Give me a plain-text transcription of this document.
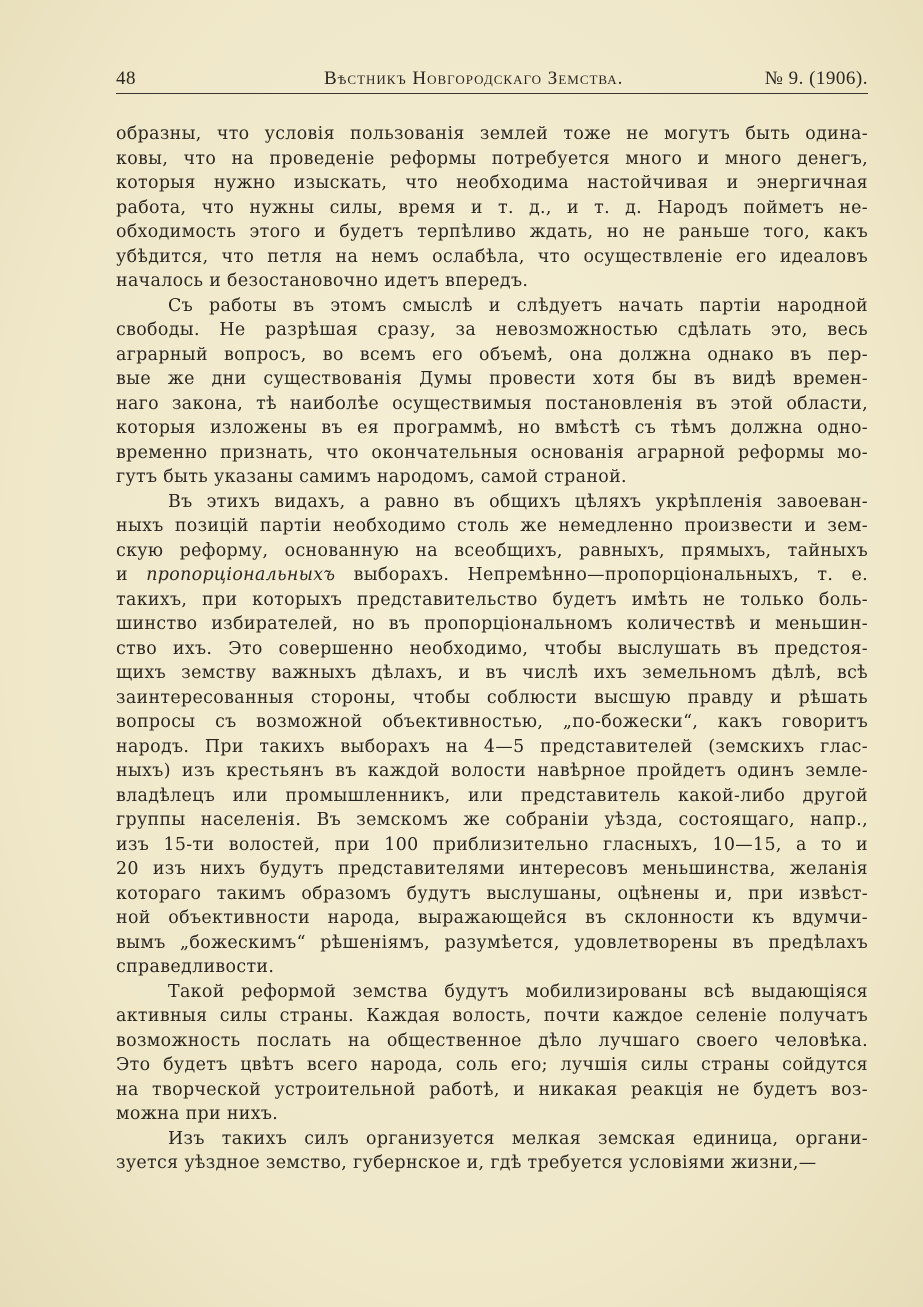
48	Вѣстникъ Новгородскаго Земства.	№ 9. (1906).
образны, что условія пользованія землей тоже не могутъ быть одина-
ковы, что на проведеніе реформы потребуется много и много денегъ,
которыя нужно изыскать, что необходима настойчивая и энергичная
работа, что нужны силы, время и т. д., и т. д. Народъ пойметъ не-
обходимость этого и будетъ терпѣливо ждать, но не раньше того, какъ
убѣдится, что петля на немъ ослабѣла, что осуществленіе его идеаловъ
началось и безостановочно идетъ впередъ.
Съ работы въ этомъ смыслѣ и слѣдуетъ начать партіи народной
свободы. Не разрѣшая сразу, за невозможностью сдѣлать это, весь
аграрный вопросъ, во всемъ его объемѣ, она должна однако въ пер-
вые же дни существованія Думы провести хотя бы въ видѣ времен-
наго закона, тѣ наиболѣе осуществимыя постановленія въ этой области,
которыя изложены въ ея программѣ, но вмѣстѣ съ тѣмъ должна одно-
временно признать, что окончательныя основанія аграрной реформы мо-
гутъ быть указаны самимъ народомъ, самой страной.
Въ этихъ видахъ, а равно въ общихъ цѣляхъ укрѣпленія завоеван-
ныхъ позицій партіи необходимо столь же немедленно произвести и зем-
скую реформу, основанную на всеобщихъ, равныхъ, прямыхъ, тайныхъ
и пропорціональныхъ выборахъ. Непремѣнно—пропорціональныхъ, т. е.
такихъ, при которыхъ представительство будетъ имѣть не только боль-
шинство избирателей, но въ пропорціональномъ количествѣ и меньшин-
ство ихъ. Это совершенно необходимо, чтобы выслушать въ предстоя-
щихъ земству важныхъ дѣлахъ, и въ числѣ ихъ земельномъ дѣлѣ, всѣ
заинтересованныя стороны, чтобы соблюсти высшую правду и рѣшать
вопросы съ возможной объективностью, „по-божески“, какъ говоритъ
народъ. При такихъ выборахъ на 4—5 представителей (земскихъ глас-
ныхъ) изъ крестьянъ въ каждой волости навѣрное пройдетъ одинъ земле-
владѣлецъ или промышленникъ, или представитель какой-либо другой
группы населенія. Въ земскомъ же собраніи уѣзда, состоящаго, напр.,
изъ 15-ти волостей, при 100 приблизительно гласныхъ, 10—15, а то и
20 изъ нихъ будутъ представителями интересовъ меньшинства, желанія
котораго такимъ образомъ будутъ выслушаны, оцѣнены и, при извѣст-
ной объективности народа, выражающейся въ склонности къ вдумчи-
вымъ „божескимъ“ рѣшеніямъ, разумѣется, удовлетворены въ предѣлахъ
справедливости.
Такой реформой земства будутъ мобилизированы всѣ выдающіяся
активныя силы страны. Каждая волость, почти каждое селеніе получатъ
возможность послать на общественное дѣло лучшаго своего человѣка.
Это будетъ цвѣтъ всего народа, соль его; лучшія силы страны сойдутся
на творческой устроительной работѣ, и никакая реакція не будетъ воз-
можна при нихъ.
Изъ такихъ силъ организуется мелкая земская единица, органи-
зуется уѣздное земство, губернское и, гдѣ требуется условіями жизни,—
